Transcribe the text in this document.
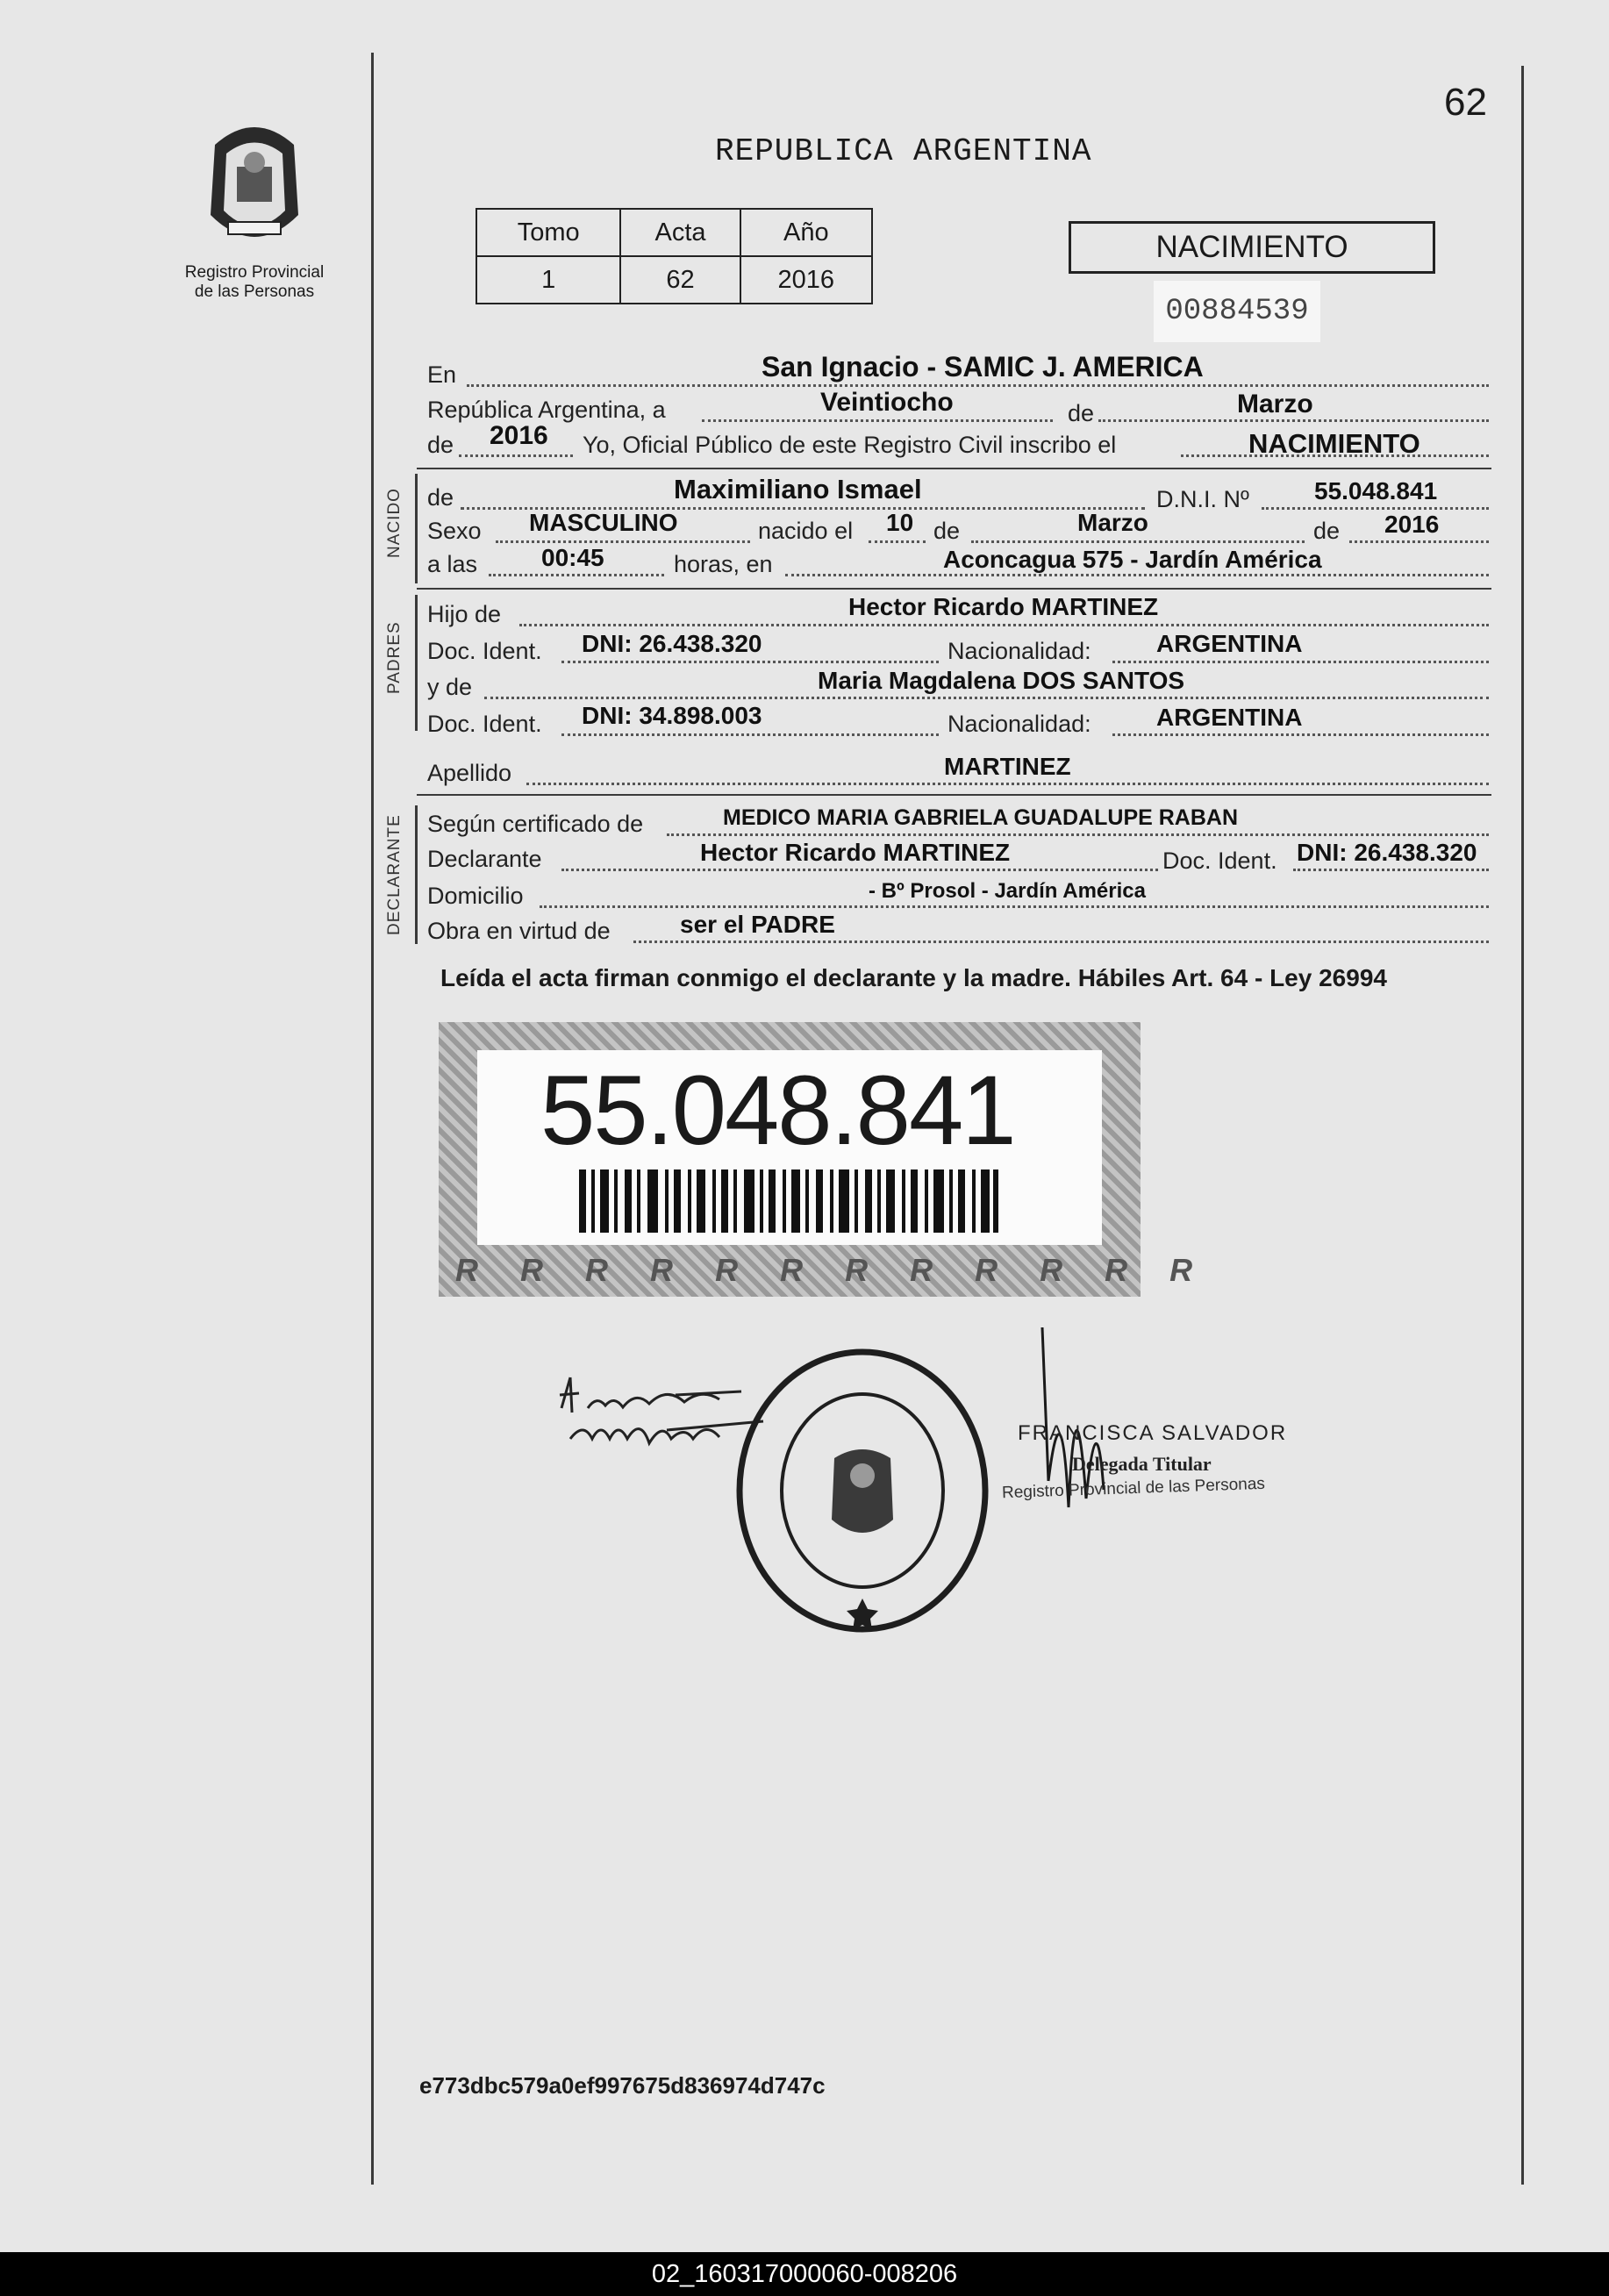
62
Registro Provincial
de las Personas
REPUBLICA ARGENTINA
Tomo	Acta	Año
1	62	2016
NACIMIENTO
00884539
En	San Ignacio - SAMIC J. AMERICA
República Argentina, a	Veintiocho	de	Marzo
de 2016 Yo, Oficial Público de este Registro Civil inscribo el	NACIMIENTO
NACIDO de	Maximiliano Ismael	D.N.I. Nº	55.048.841
Sexo MASCULINO	nacido el 10 de	Marzo	de 2016
a las	00:45	horas, en	Aconcagua 575 - Jardín América
PADRES
Hijo de	Hector Ricardo MARTINEZ
Doc. Ident. DNI: 26.438.320	Nacionalidad:	ARGENTINA
y de	Maria Magdalena DOS SANTOS
Doc. Ident. DNI: 34.898.003	Nacionalidad:	ARGENTINA
Apellido	MARTINEZ
DECLARANTE Según certificado de	MEDICO MARIA GABRIELA GUADALUPE RABAN
Declarante	Hector Ricardo MARTINEZ	Doc. Ident. DNI: 26.438.320
Domicilio	- Bº Prosol - Jardín América
Obra en virtud de	ser el PADRE
Leída el acta firman conmigo el declarante y la madre. Hábiles Art. 64 - Ley 26994
55.048.841
R R R R R R R R R R R R
FRANCISCA SALVADOR
Delegada Titular
Registro Provincial de las Personas
e773dbc579a0ef997675d836974d747c
02_160317000060-008206
